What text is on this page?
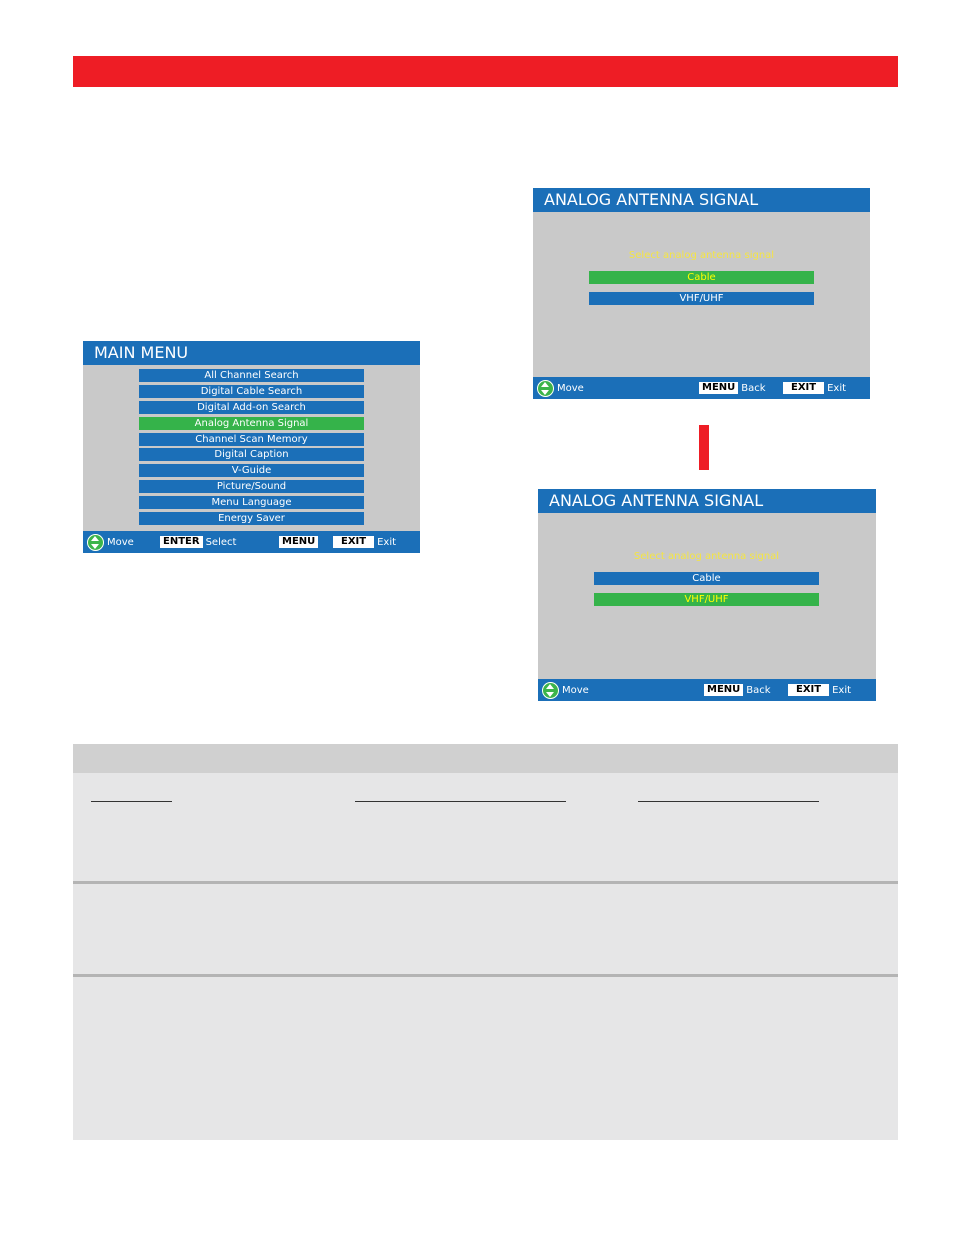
MAIN MENU
All Channel Search
Digital Cable Search
Digital Add-on Search
Analog Antenna Signal
Channel Scan Memory
Digital Caption
V-Guide
Picture/Sound
Menu Language
Energy Saver
Move	ENTER Select	MENU	EXIT	Exit
ANALOG ANTENNA SIGNAL
Select analog antenna signal
Cable
VHF/UHF
Move	MENU Back	EXIT	Exit
ANALOG ANTENNA SIGNAL
Select analog antenna signal
Cable
VHF/UHF
Move	MENU Back	EXIT	Exit
